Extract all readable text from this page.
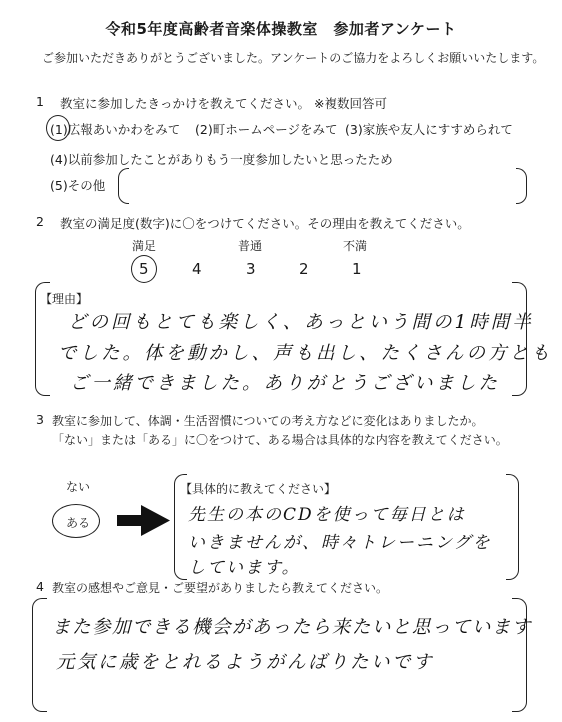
令和5年度高齢者音楽体操教室　参加者アンケート
ご参加いただきありがとうございました。アンケートのご協力をよろしくお願いいたします。
1 教室に参加したきっかけを教えてください。 ※複数回答可
(1)広報あいかわをみて (2)町ホームページをみて (3)家族や友人にすすめられて
(4)以前参加したことがありもう一度参加したいと思ったため
(5)その他
2 教室の満足度(数字)に〇をつけてください。その理由を教えてください。
満足	普通	不満
5	4	3	2	1
【理由】
どの回もとても楽しく、あっという間の1時間半
でした。体を動かし、声も出し、たくさんの方とも
ご一緒できました。ありがとうございました
3 教室に参加して、体調・生活習慣についての考え方などに変化はありましたか。
「ない」または「ある」に〇をつけて、ある場合は具体的な内容を教えてください。
ない
ある
【具体的に教えてください】
先生の本のCDを使って毎日とは
いきませんが、時々トレーニングを
しています。
4 教室の感想やご意見・ご要望がありましたら教えてください。
また参加できる機会があったら来たいと思っています
元気に歳をとれるようがんばりたいです
